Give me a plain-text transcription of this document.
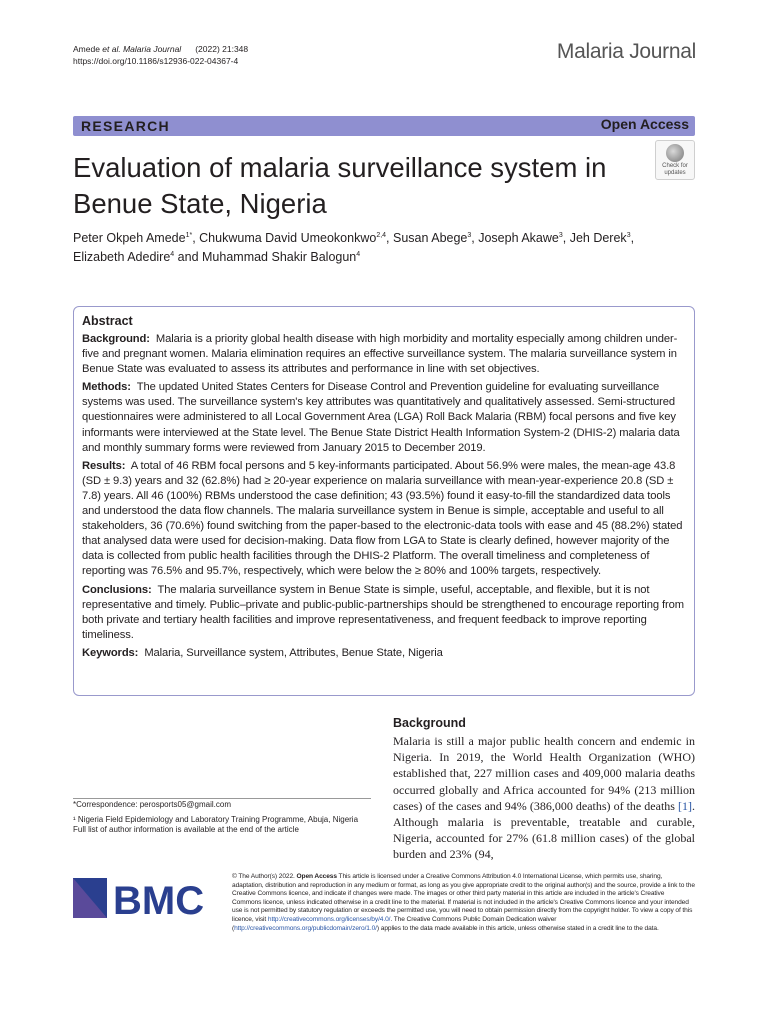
Amede et al. Malaria Journal (2022) 21:348
https://doi.org/10.1186/s12936-022-04367-4	Malaria Journal
RESEARCH	Open Access
Evaluation of malaria surveillance system in Benue State, Nigeria
Check for
updates
Peter Okpeh Amede$^{1*}$, Chukwuma David Umeokonkwo$^{2,4}$, Susan Abege$^3$, Joseph Akawe$^3$, Jeh Derek$^3$,
Elizabeth Adedire$^4$ and Muhammad Shakir Balogun$^4$
Abstract

Background: Malaria is a priority global health disease with high morbidity and mortality especially among children under-five and pregnant women. Malaria elimination requires an effective surveillance system. The malaria surveillance system in Benue State was evaluated to assess its attributes and performance in line with set objectives.

Methods: The updated United States Centers for Disease Control and Prevention guideline for evaluating surveillance systems was used. The surveillance system's key attributes was quantitatively and qualitatively assessed. Semi-structured questionnaires were administered to all Local Government Area (LGA) Roll Back Malaria (RBM) focal persons and five key informants were interviewed at the State level. The Benue State District Health Information System-2 (DHIS-2) malaria data and monthly summary forms were reviewed from January 2015 to December 2019.

Results: A total of 46 RBM focal persons and 5 key-informants participated. About 56.9% were males, the mean-age 43.8 (SD ± 9.3) years and 32 (62.8%) had ≥ 20-year experience on malaria surveillance with mean-year-experience 20.8 (SD ± 7.8) years. All 46 (100%) RBMs understood the case definition; 43 (93.5%) found it easy-to-fill the standardized data tools and understood the data flow channels. The malaria surveillance system in Benue is simple, acceptable and useful to all stakeholders, 36 (70.6%) found switching from the paper-based to the electronic-data tools with ease and 45 (88.2%) stated that analysed data were used for decision-making. Data flow from LGA to State is clearly defined, however majority of the data is collected from public health facilities through the DHIS-2 Platform. The overall timeliness and completeness of reporting was 76.5% and 95.7%, respectively, which were below the ≥ 80% and 100% targets, respectively.

Conclusions: The malaria surveillance system in Benue State is simple, useful, acceptable, and flexible, but it is not representative and timely. Public–private and public-public-partnerships should be strengthened to encourage reporting from both private and tertiary health facilities and improve representativeness, and frequent feedback to improve reporting timeliness.

Keywords: Malaria, Surveillance system, Attributes, Benue State, Nigeria

Background
Malaria is still a major public health concern and endemic in Nigeria. In 2019, the World Health Organization (WHO) established that, 227 million cases and 409,000 malaria deaths occurred globally and Africa accounted for 94% (213 million cases) of the cases and 94% (386,000 deaths) of the deaths [1]. Although malaria is preventable, treatable and curable, Nigeria, accounted for 27% (61.8 million cases) of the global burden and 23% (94,
*Correspondence: perosports05@gmail.com
¹ Nigeria Field Epidemiology and Laboratory Training Programme, Abuja, Nigeria
Full list of author information is available at the end of the article
BMC
© The Author(s) 2022. Open Access This article is licensed under a Creative Commons Attribution 4.0 International License, which permits use, sharing, adaptation, distribution and reproduction in any medium or format, as long as you give appropriate credit to the original author(s) and the source, provide a link to the Creative Commons licence, and indicate if changes were made. The images or other third party material in this article are included in the article's Creative Commons licence, unless indicated otherwise in a credit line to the material. If material is not included in the article's Creative Commons licence and your intended use is not permitted by statutory regulation or exceeds the permitted use, you will need to obtain permission directly from the copyright holder. To view a copy of this licence, visit http://creativecommons.org/licenses/by/4.0/. The Creative Commons Public Domain Dedication waiver (http://creativecommons.org/publicdomain/zero/1.0/) applies to the data made available in this article, unless otherwise stated in a credit line to the data.
